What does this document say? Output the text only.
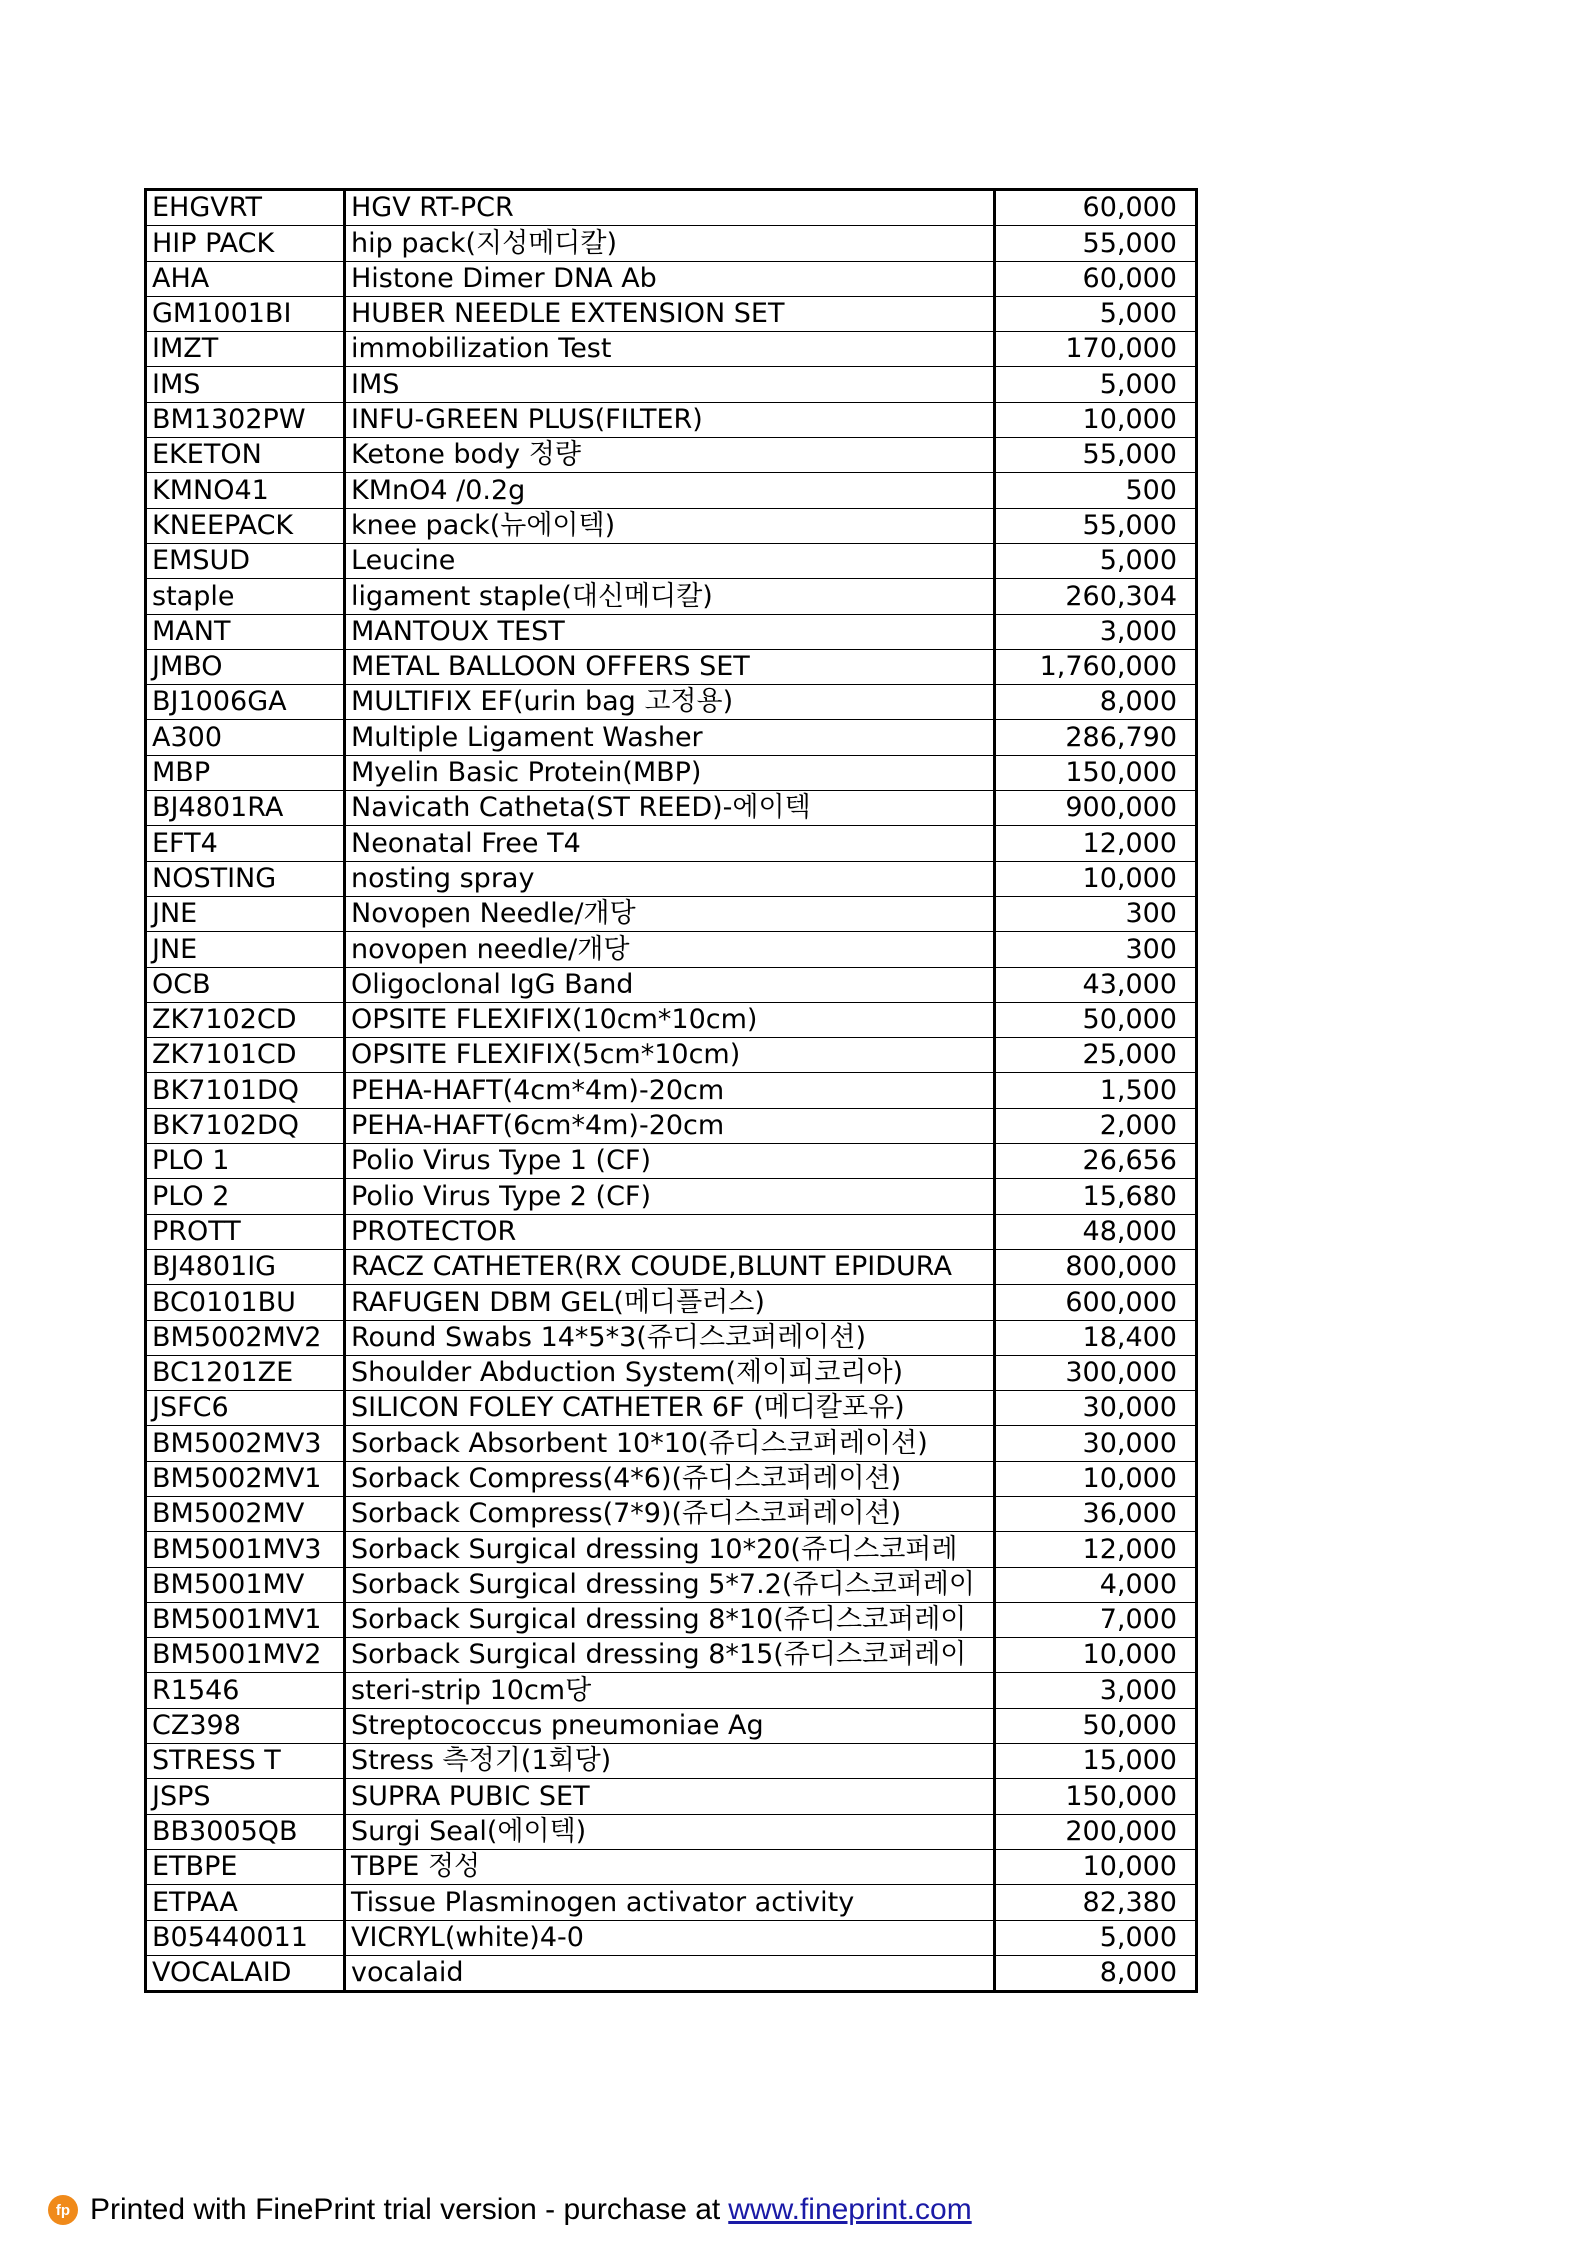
EHGVRT	HGV RT-PCR	60,000
HIP PACK	hip pack(지성메디칼)	55,000
AHA	Histone Dimer DNA Ab	60,000
GM1001BI	HUBER NEEDLE EXTENSION SET	5,000
IMZT	immobilization Test	170,000
IMS	IMS	5,000
BM1302PW	INFU-GREEN PLUS(FILTER)	10,000
EKETON	Ketone body 정량	55,000
KMNO41	KMnO4 /0.2g	500
KNEEPACK	knee pack(뉴에이텍)	55,000
EMSUD	Leucine	5,000
staple	ligament staple(대신메디칼)	260,304
MANT	MANTOUX TEST	3,000
JMBO	METAL BALLOON OFFERS SET	1,760,000
BJ1006GA	MULTIFIX EF(urin bag 고정용)	8,000
A300	Multiple Ligament Washer	286,790
MBP	Myelin Basic Protein(MBP)	150,000
BJ4801RA	Navicath Catheta(ST REED)-에이텍	900,000
EFT4	Neonatal Free T4	12,000
NOSTING	nosting spray	10,000
JNE	Novopen Needle/개당	300
JNE	novopen needle/개당	300
OCB	Oligoclonal IgG Band	43,000
ZK7102CD	OPSITE FLEXIFIX(10cm*10cm)	50,000
ZK7101CD	OPSITE FLEXIFIX(5cm*10cm)	25,000
BK7101DQ	PEHA-HAFT(4cm*4m)-20cm	1,500
BK7102DQ	PEHA-HAFT(6cm*4m)-20cm	2,000
PLO 1	Polio Virus Type 1 (CF)	26,656
PLO 2	Polio Virus Type 2 (CF)	15,680
PROTT	PROTECTOR	48,000
BJ4801IG	RACZ CATHETER(RX COUDE,BLUNT EPIDURA	800,000
BC0101BU	RAFUGEN DBM GEL(메디플러스)	600,000
BM5002MV2	Round Swabs 14*5*3(쥬디스코퍼레이션)	18,400
BC1201ZE	Shoulder Abduction System(제이피코리아)	300,000
JSFC6	SILICON FOLEY CATHETER 6F (메디칼포유)	30,000
BM5002MV3	Sorback Absorbent 10*10(쥬디스코퍼레이션)	30,000
BM5002MV1	Sorback Compress(4*6)(쥬디스코퍼레이션)	10,000
BM5002MV	Sorback Compress(7*9)(쥬디스코퍼레이션)	36,000
BM5001MV3	Sorback Surgical dressing 10*20(쥬디스코퍼레	12,000
BM5001MV	Sorback Surgical dressing 5*7.2(쥬디스코퍼레이	4,000
BM5001MV1	Sorback Surgical dressing 8*10(쥬디스코퍼레이	7,000
BM5001MV2	Sorback Surgical dressing 8*15(쥬디스코퍼레이	10,000
R1546	steri-strip 10cm당	3,000
CZ398	Streptococcus pneumoniae Ag	50,000
STRESS T	Stress 측정기(1회당)	15,000
JSPS	SUPRA PUBIC SET	150,000
BB3005QB	Surgi Seal(에이텍)	200,000
ETBPE	TBPE 정성	10,000
ETPAA	Tissue Plasminogen activator activity	82,380
B05440011	VICRYL(white)4-0	5,000
VOCALAID	vocalaid	8,000
fp Printed with FinePrint trial version - purchase at www.fineprint.com
